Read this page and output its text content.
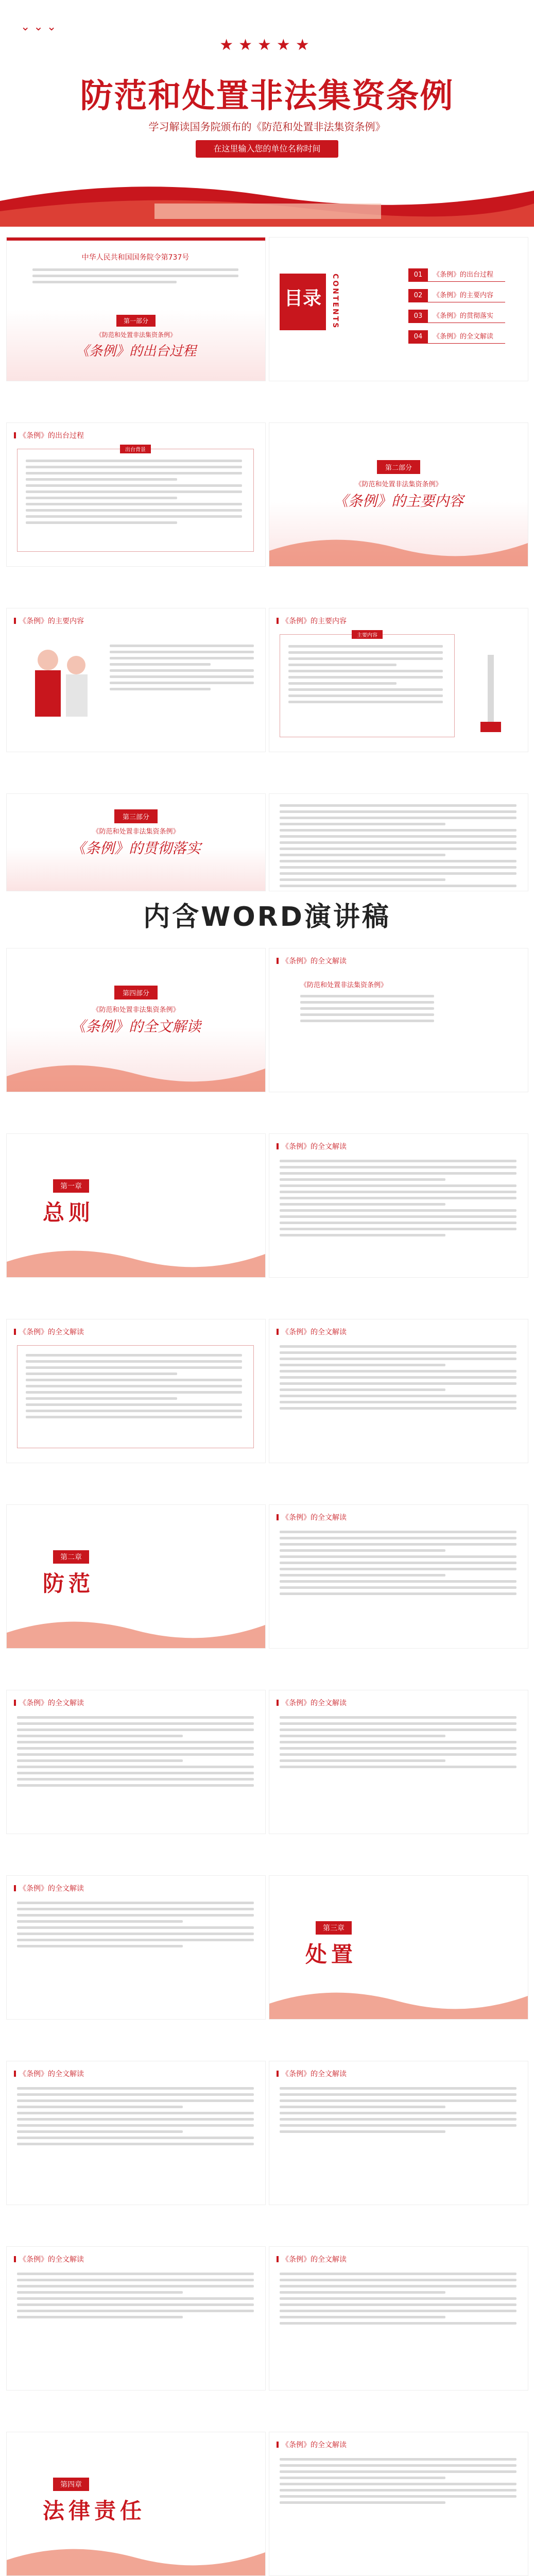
⌄ ⌄ ⌄
★★★★★
防范和处置非法集资条例
学习解读国务院颁布的《防范和处置非法集资条例》
在这里输入您的单位名称时间
中华人民共和国国务院令第737号
第一部分
《防范和处置非法集资条例》
《条例》的出台过程
目录	CONTENTS	01 《条例》的出台过程
02 《条例》的主要内容
03 《条例》的贯彻落实
04 《条例》的全文解读
《条例》的出台过程
出台背景
第二部分
《防范和处置非法集资条例》
《条例》的主要内容
《条例》的主要内容	《条例》的主要内容
主要内容
第三部分
《防范和处置非法集资条例》
《条例》的贯彻落实
内含WORD演讲稿
第四部分
《防范和处置非法集资条例》
《条例》的全文解读
《条例》的全文解读
《防范和处置非法集资条例》
第一章
总则
《条例》的全文解读
《条例》的全文解读	《条例》的全文解读
第二章
防范
《条例》的全文解读
《条例》的全文解读	《条例》的全文解读
《条例》的全文解读
第三章
处置
《条例》的全文解读	《条例》的全文解读
《条例》的全文解读	《条例》的全文解读
第四章
法律责任
《条例》的全文解读
